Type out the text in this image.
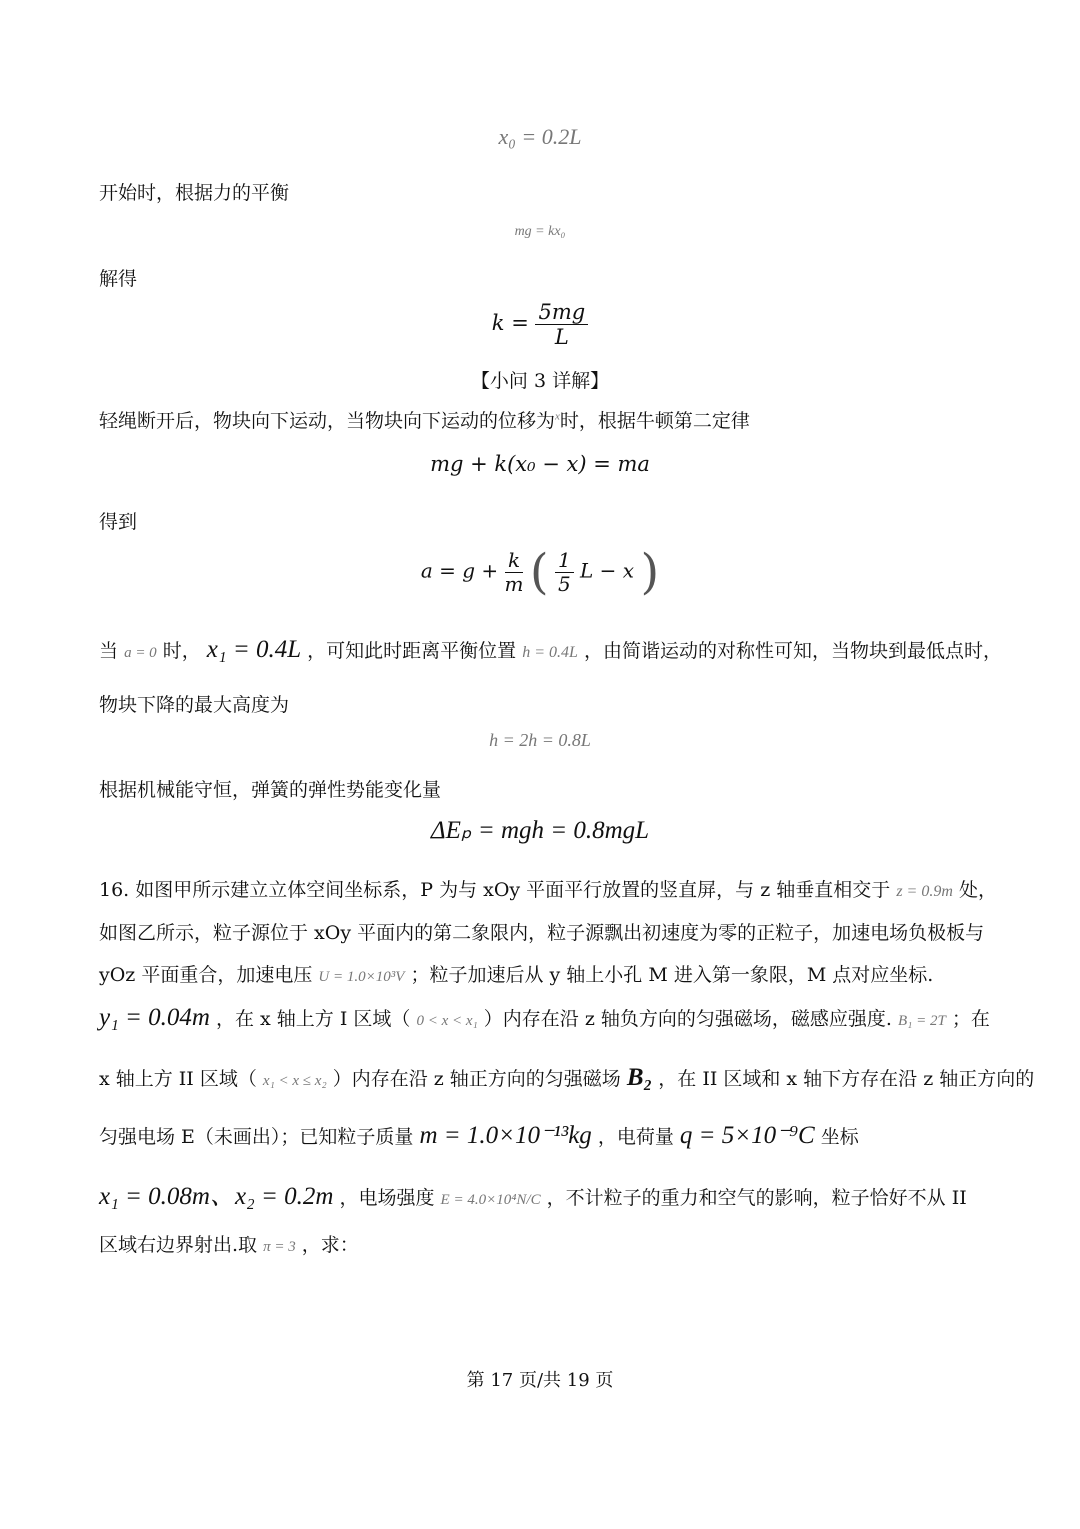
x₀ = 0.2L
开始时，根据力的平衡
mg = kx₀
解得
$k = \frac{5mg}{L}$
【小问 3 详解】
轻绳断开后，物块向下运动，当物块向下运动的位移为$^x$时，根据牛顿第二定律
mg + k(x₀ − x) = ma
得到
$a = g + \frac{k}{m}$ ( $\frac{1}{5}$ L − x )
当 a = 0 时， x₁ = 0.4L ，可知此时距离平衡位置 h = 0.4L ，由简谐运动的对称性可知，当物块到最低点时，
物块下降的最大高度为
h = 2h = 0.8L
根据机械能守恒，弹簧的弹性势能变化量
ΔEₚ = mgh = 0.8mgL
16. 如图甲所示建立立体空间坐标系，P 为与 xOy 平面平行放置的竖直屏，与 z 轴垂直相交于 z = 0.9m 处，
如图乙所示，粒子源位于 xOy 平面内的第二象限内，粒子源飘出初速度为零的正粒子，加速电场负极板与
yOz 平面重合，加速电压 U = 1.0×10³V ；粒子加速后从 y 轴上小孔 M 进入第一象限，M 点对应坐标.
y₁ = 0.04m ，在 x 轴上方 I 区域（ 0 < x < x₁ ）内存在沿 z 轴负方向的匀强磁场，磁感应强度. B₁ = 2T ；在
x 轴上方 II 区域（ x₁ < x ≤ x₂ ）内存在沿 z 轴正方向的匀强磁场 B₂ ，在 II 区域和 x 轴下方存在沿 z 轴正方向的
匀强电场 E（未画出）；已知粒子质量 m = 1.0×10⁻¹³kg ，电荷量 q = 5×10⁻⁹C 坐标
x₁ = 0.08m、x₂ = 0.2m ，电场强度 E = 4.0×10⁴N/C ，不计粒子的重力和空气的影响，粒子恰好不从 II
区域右边界射出.取 π = 3 ，求：
第 17 页/共 19 页
